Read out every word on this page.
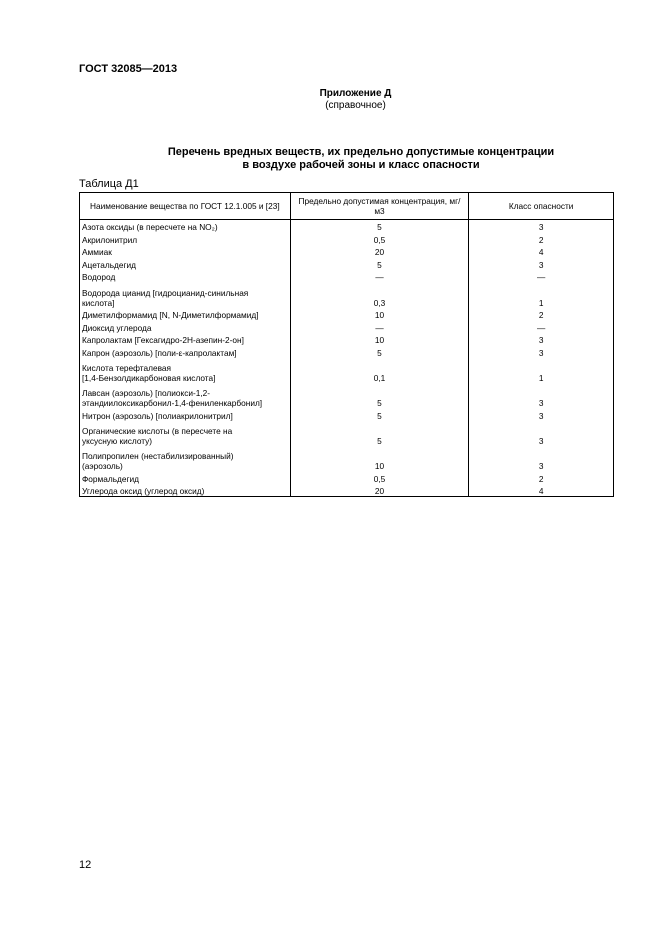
ГОСТ 32085—2013
Приложение Д
(справочное)
Перечень вредных веществ, их предельно допустимые концентрации
в воздухе рабочей зоны и класс опасности
Таблица Д1
Наименование вещества по ГОСТ 12.1.005 и [23]	Предельно допустимая концентрация, мг/м3	Класс опасности

Азота оксиды (в пересчете на NO₂)	5	3

Акрилонитрил	0,5	2

Аммиак	20	4

Ацетальдегид	5	3

Водород	—	—

Водорода цианид [гидроцианид-синильная
кислота]	0,3	1

Диметилформамид [N, N-Диметилформамид]	10	2

Диоксид углерода	—	—

Капролактам [Гексагидро-2Н-азепин-2-он]	10	3

Капрон (аэрозоль) [поли-ε-капролактам]	5	3

Кислота терефталевая
[1,4-Бензолдикарбоновая кислота]	0,1	1

Лавсан (аэрозоль) [полиокси-1,2-
этандиилоксикарбонил-1,4-фениленкарбонил]	5	3

Нитрон (аэрозоль) [полиакрилонитрил]	5	3

Органические кислоты (в пересчете на
уксусную кислоту)	5	3

Полипропилен (нестабилизированный)
(аэрозоль)	10	3

Формальдегид	0,5	2

Углерода оксид (углерод оксид)	20	4
12
